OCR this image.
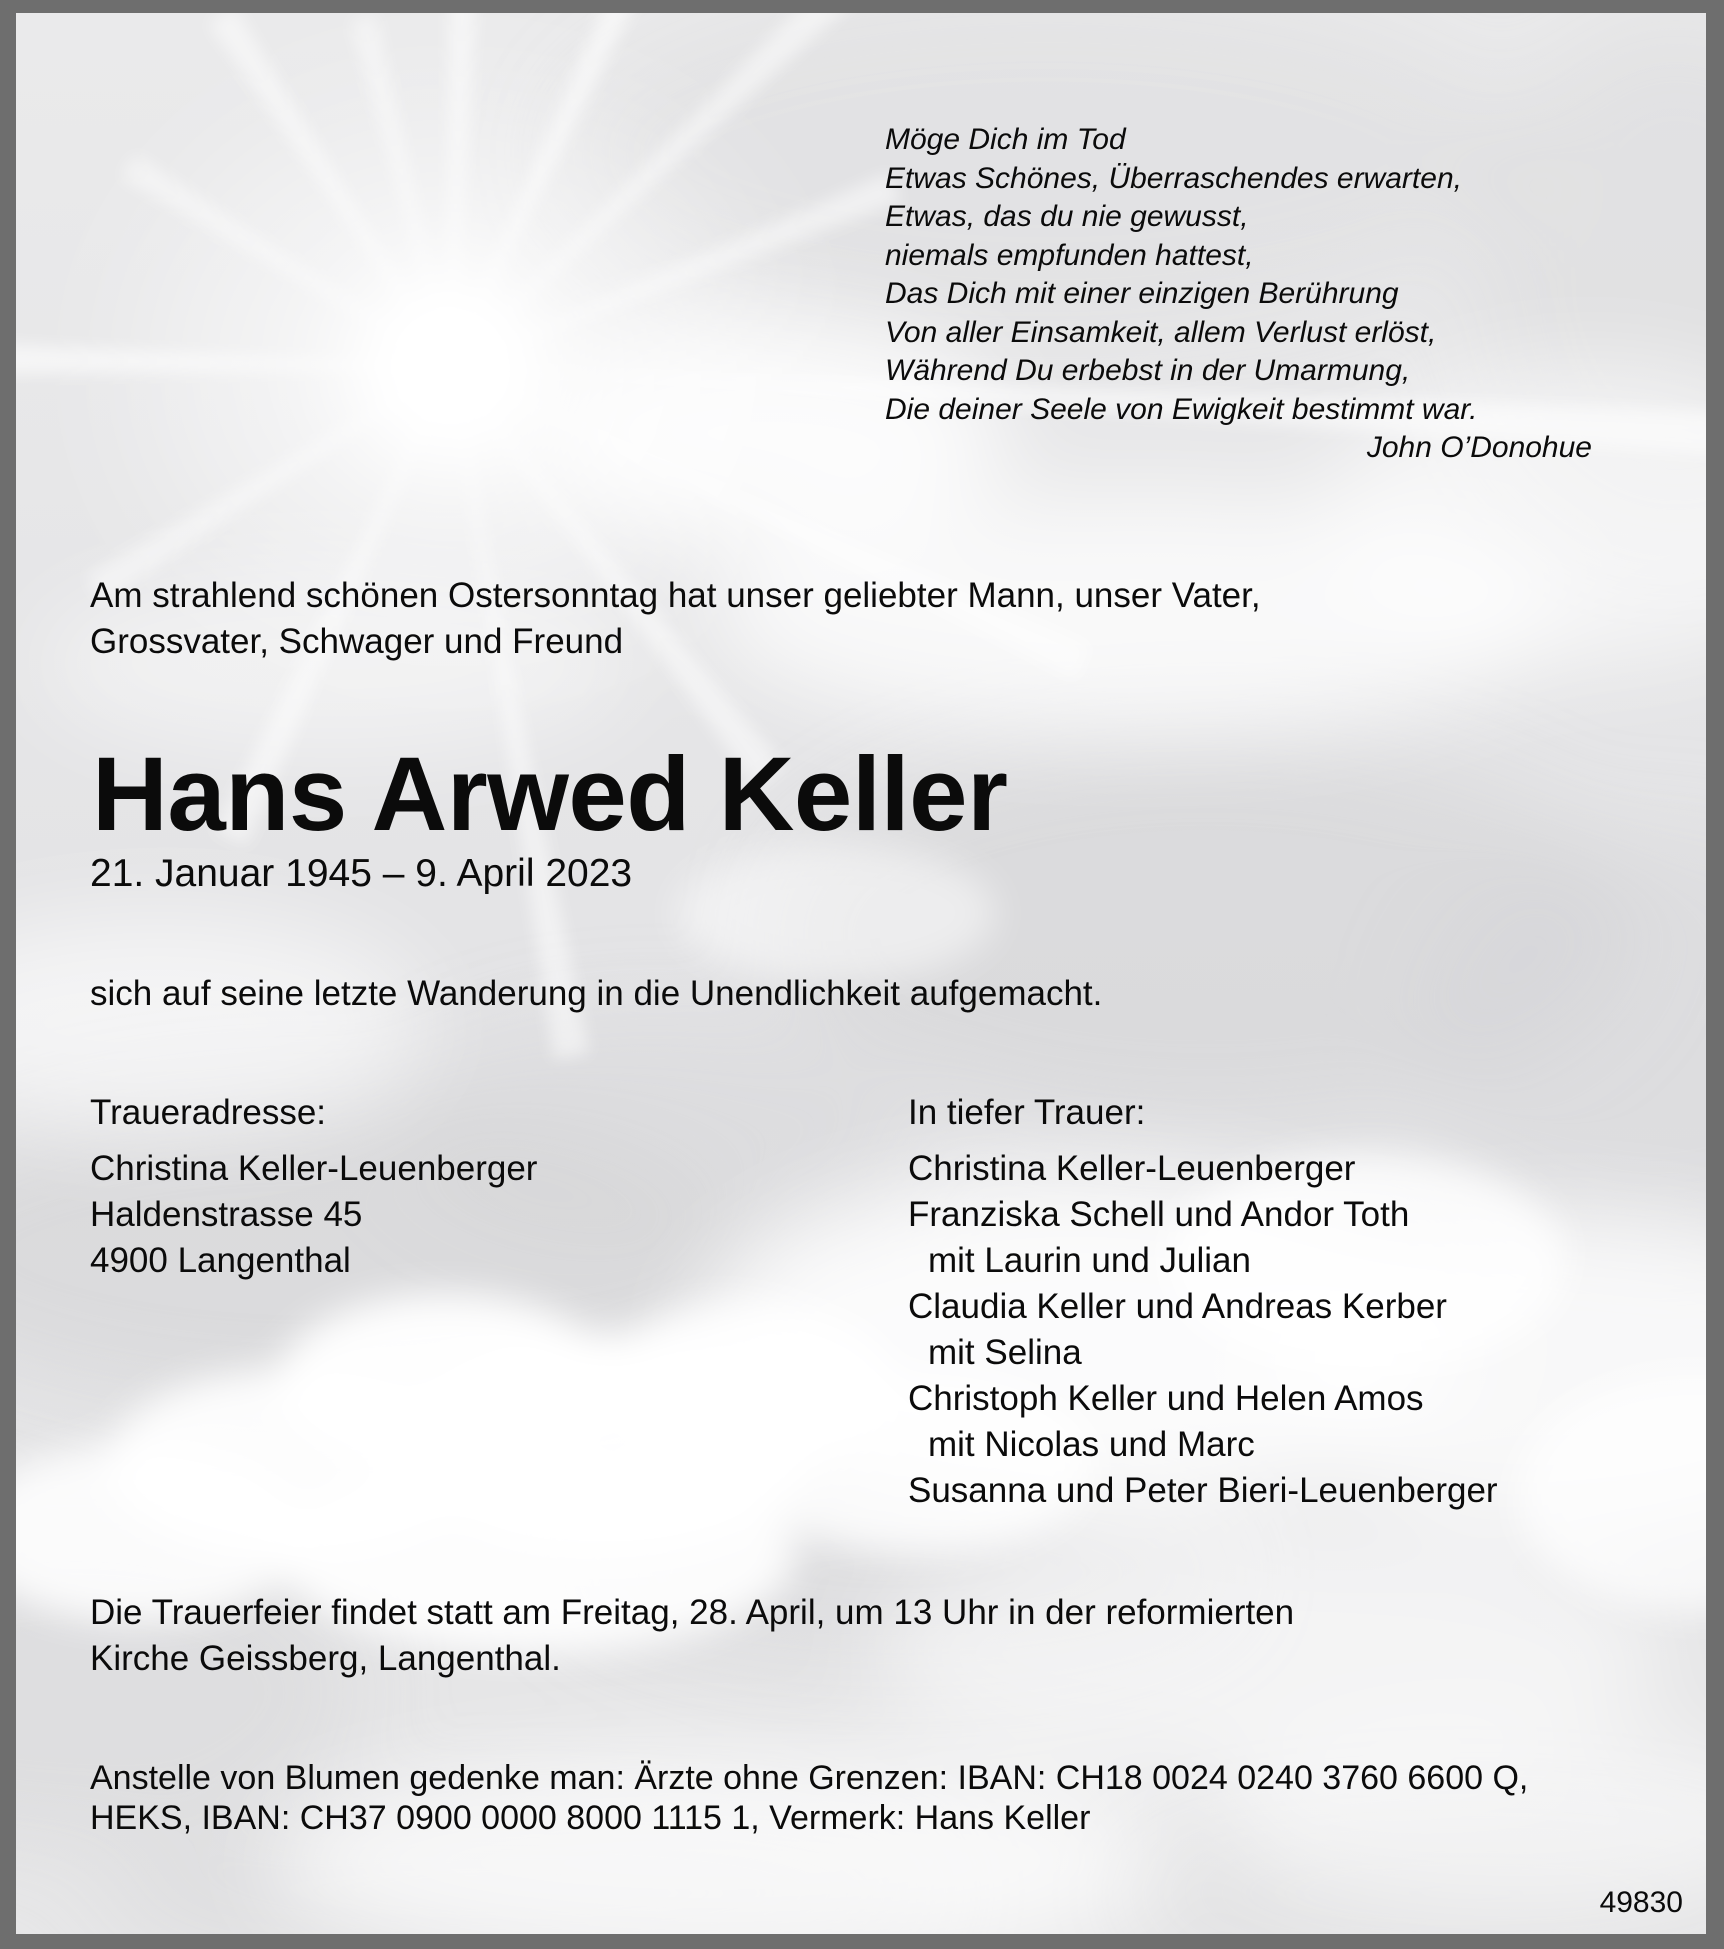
Möge Dich im Tod
Etwas Schönes, Überraschendes erwarten,
Etwas, das du nie gewusst,
niemals empfunden hattest,
Das Dich mit einer einzigen Berührung
Von aller Einsamkeit, allem Verlust erlöst,
Während Du erbebst in der Umarmung,
Die deiner Seele von Ewigkeit bestimmt war.
John O’Donohue
Am strahlend schönen Ostersonntag hat unser geliebter Mann, unser Vater,
Grossvater, Schwager und Freund
Hans Arwed Keller
21. Januar 1945 – 9. April 2023
sich auf seine letzte Wanderung in die Unendlichkeit aufgemacht.
Traueradresse:	In tiefer Trauer:
Christina Keller-Leuenberger
Haldenstrasse 45
4900 Langenthal
Christina Keller-Leuenberger
Franziska Schell und Andor Toth
mit Laurin und Julian
Claudia Keller und Andreas Kerber
mit Selina
Christoph Keller und Helen Amos
mit Nicolas und Marc
Susanna und Peter Bieri-Leuenberger
Die Trauerfeier findet statt am Freitag, 28. April, um 13 Uhr in der reformierten
Kirche Geissberg, Langenthal.
Anstelle von Blumen gedenke man: Ärzte ohne Grenzen: IBAN: CH18 0024 0240 3760 6600 Q,
HEKS, IBAN: CH37 0900 0000 8000 1115 1, Vermerk: Hans Keller
49830
